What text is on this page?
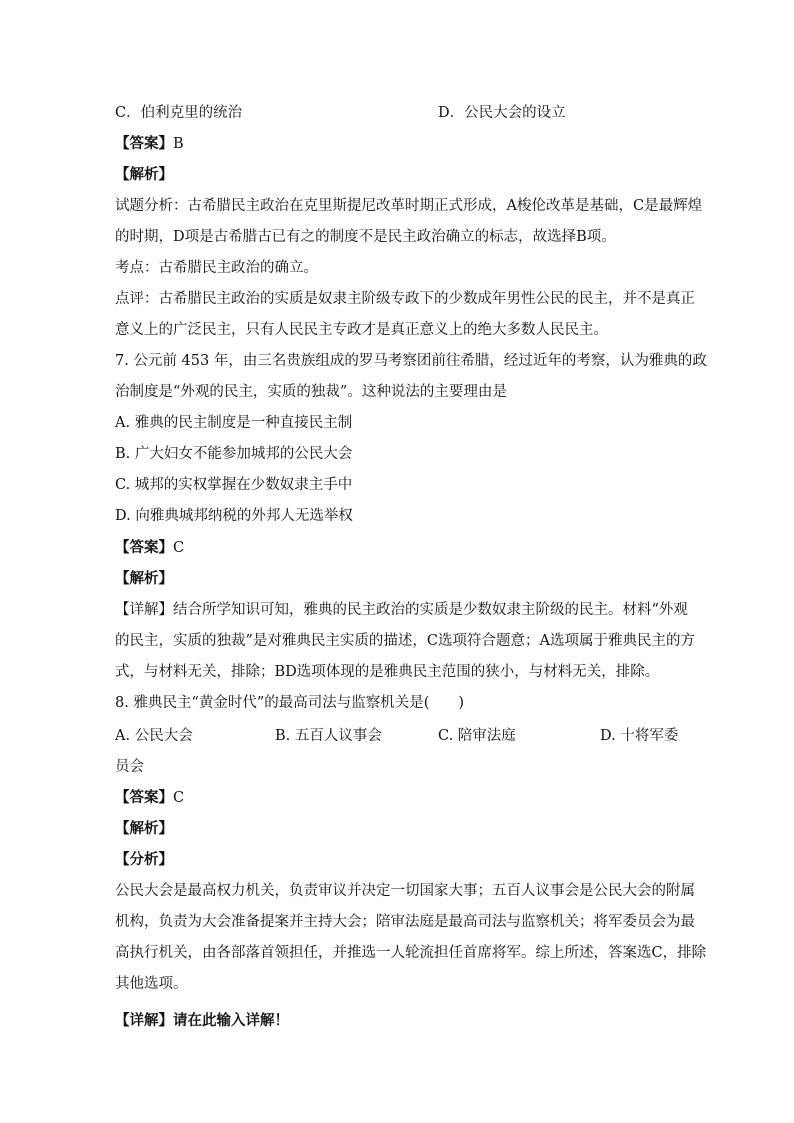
C．伯利克里的统治	D．公民大会的设立
【答案】B
【解析】
试题分析：古希腊民主政治在克里斯提尼改革时期正式形成，A梭伦改革是基础，C是最辉煌
的时期，D项是古希腊古已有之的制度不是民主政治确立的标志，故选择B项。
考点：古希腊民主政治的确立。
点评：古希腊民主政治的实质是奴隶主阶级专政下的少数成年男性公民的民主，并不是真正
意义上的广泛民主，只有人民民主专政才是真正意义上的绝大多数人民民主。
7. 公元前 453 年，由三名贵族组成的罗马考察团前往希腊，经过近年的考察，认为雅典的政
治制度是“外观的民主，实质的独裁”。这种说法的主要理由是
A. 雅典的民主制度是一种直接民主制
B. 广大妇女不能参加城邦的公民大会
C. 城邦的实权掌握在少数奴隶主手中
D. 向雅典城邦纳税的外邦人无选举权
【答案】C
【解析】
【详解】结合所学知识可知，雅典的民主政治的实质是少数奴隶主阶级的民主。材料“外观
的民主，实质的独裁”是对雅典民主实质的描述，C选项符合题意；A选项属于雅典民主的方
式，与材料无关，排除；BD选项体现的是雅典民主范围的狭小，与材料无关，排除。
8. 雅典民主“黄金时代”的最高司法与监察机关是(　　)
A. 公民大会	B. 五百人议事会	C. 陪审法庭	D. 十将军委
员会
【答案】C
【解析】
【分析】
公民大会是最高权力机关，负责审议并决定一切国家大事；五百人议事会是公民大会的附属
机构，负责为大会准备提案并主持大会；陪审法庭是最高司法与监察机关；将军委员会为最
高执行机关，由各部落首领担任，并推选一人轮流担任首席将军。综上所述，答案选C，排除
其他选项。
【详解】请在此输入详解！
